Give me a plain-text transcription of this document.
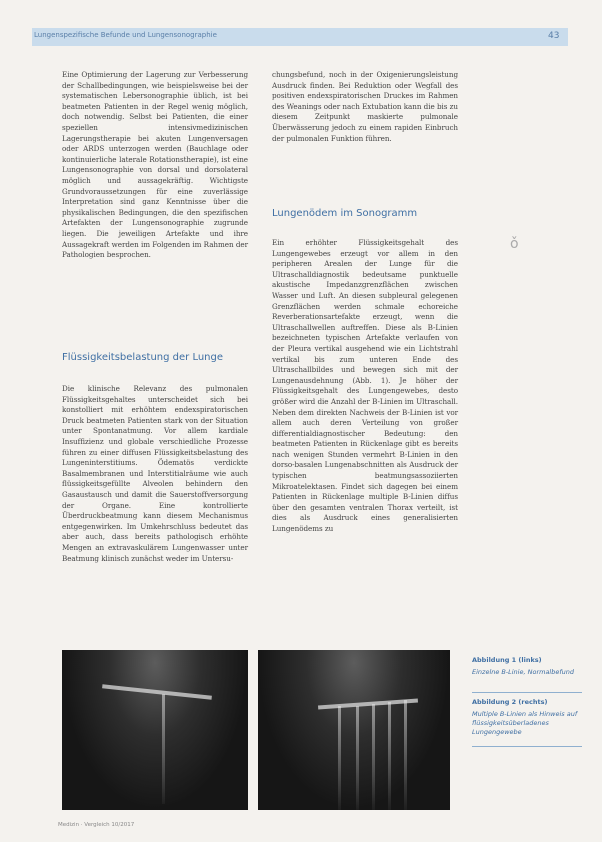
Lungenspezifische Befunde und Lungensonographie	43

Eine Optimierung der Lagerung zur Verbesserung der Schallbedingungen, wie beispielsweise bei der systematischen Lebersonographie üblich, ist bei beatmeten Patienten in der Regel wenig möglich, doch notwendig. Selbst bei Patienten, die einer speziellen intensivmedizinischen Lagerungstherapie bei akuten Lungenversagen oder ARDS unterzogen werden (Bauchlage oder kontinuierliche laterale Rotationstherapie), ist eine Lungensonographie von dorsal und dorsolateral möglich und aussagekräftig. Wichtigste Grundvoraussetzungen für eine zuverlässige Interpretation sind ganz Kenntnisse über die physikalischen Bedingungen, die den spezifischen Artefakten der Lungensonographie zugrunde liegen. Die jeweiligen Artefakte und ihre Aussagekraft werden im Folgenden im Rahmen der Pathologien besprochen.

Flüssigkeitsbelastung der Lunge

Die klinische Relevanz des pulmonalen Flüssigkeitsgehaltes unterscheidet sich bei konstolliert mit erhöhtem endexspiratorischen Druck beatmeten Patienten stark von der Situation unter Spontanatmung. Vor allem kardiale Insuffizienz und globale verschiedliche Prozesse führen zu einer diffusen Flüssigkeitsbelastung des Lungeninterstitiums. Ödematös verdickte Basalmembranen und Interstitialräume wie auch flüssigkeitsgefüllte Alveolen behindern den Gasaustausch und damit die Sauerstoffversorgung der Organe. Eine kontrollierte Überdruckbeatmung kann diesem Mechanismus entgegenwirken. Im Umkehrschluss bedeutet das aber auch, dass bereits pathologisch erhöhte Mengen an extravaskulärem Lungenwasser unter Beatmung klinisch zunächst weder im Untersu-

chungsbefund, noch in der Oxigenierungsleistung Ausdruck finden. Bei Reduktion oder Wegfall des positiven endexspiratorischen Druckes im Rahmen des Weanings oder nach Extubation kann die bis zu diesem Zeitpunkt maskierte pulmonale Überwässerung jedoch zu einem rapiden Einbruch der pulmonalen Funktion führen.

Lungenödem im Sonogramm

Ein erhöhter Flüssigkeitsgehalt des Lungengewebes erzeugt vor allem in den peripheren Arealen der Lunge für die Ultraschalldiagnostik bedeutsame punktuelle akustische Impedanzgrenzflächen zwischen Wasser und Luft. An diesen subpleural gelegenen Grenzflächen werden schmale echoreiche Reverberationsartefakte erzeugt, wenn die Ultraschallwellen auftreffen. Diese als B-Linien bezeichneten typischen Artefakte verlaufen von der Pleura vertikal ausgehend wie ein Lichtstrahl vertikal bis zum unteren Ende des Ultraschallbildes und bewegen sich mit der Lungenausdehnung (Abb. 1). Je höher der Flüssigkeitsgehalt des Lungengewebes, desto größer wird die Anzahl der B-Linien im Ultraschall. Neben dem direkten Nachweis der B-Linien ist vor allem auch deren Verteilung von großer differentialdiagnostischer Bedeutung: den beatmeten Patienten in Rückenlage gibt es bereits nach wenigen Stunden vermehrt B-Linien in den dorso-basalen Lungenabschnitten als Ausdruck der typischen beatmungsassoziierten Mikroatelektasen. Findet sich dagegen bei einem Patienten in Rückenlage multiple B-Linien diffus über den gesamten ventralen Thorax verteilt, ist dies als Ausdruck eines generalisierten Lungenödems zu

ǒ
Abbildung 1 (links)
Einzelne B-Linie, Normalbefund
Abbildung 2 (rechts)
Multiple B-Linien als Hinweis auf flüssigkeitsüberladenes Lungengewebe
Medizin · Vergleich 10/2017
